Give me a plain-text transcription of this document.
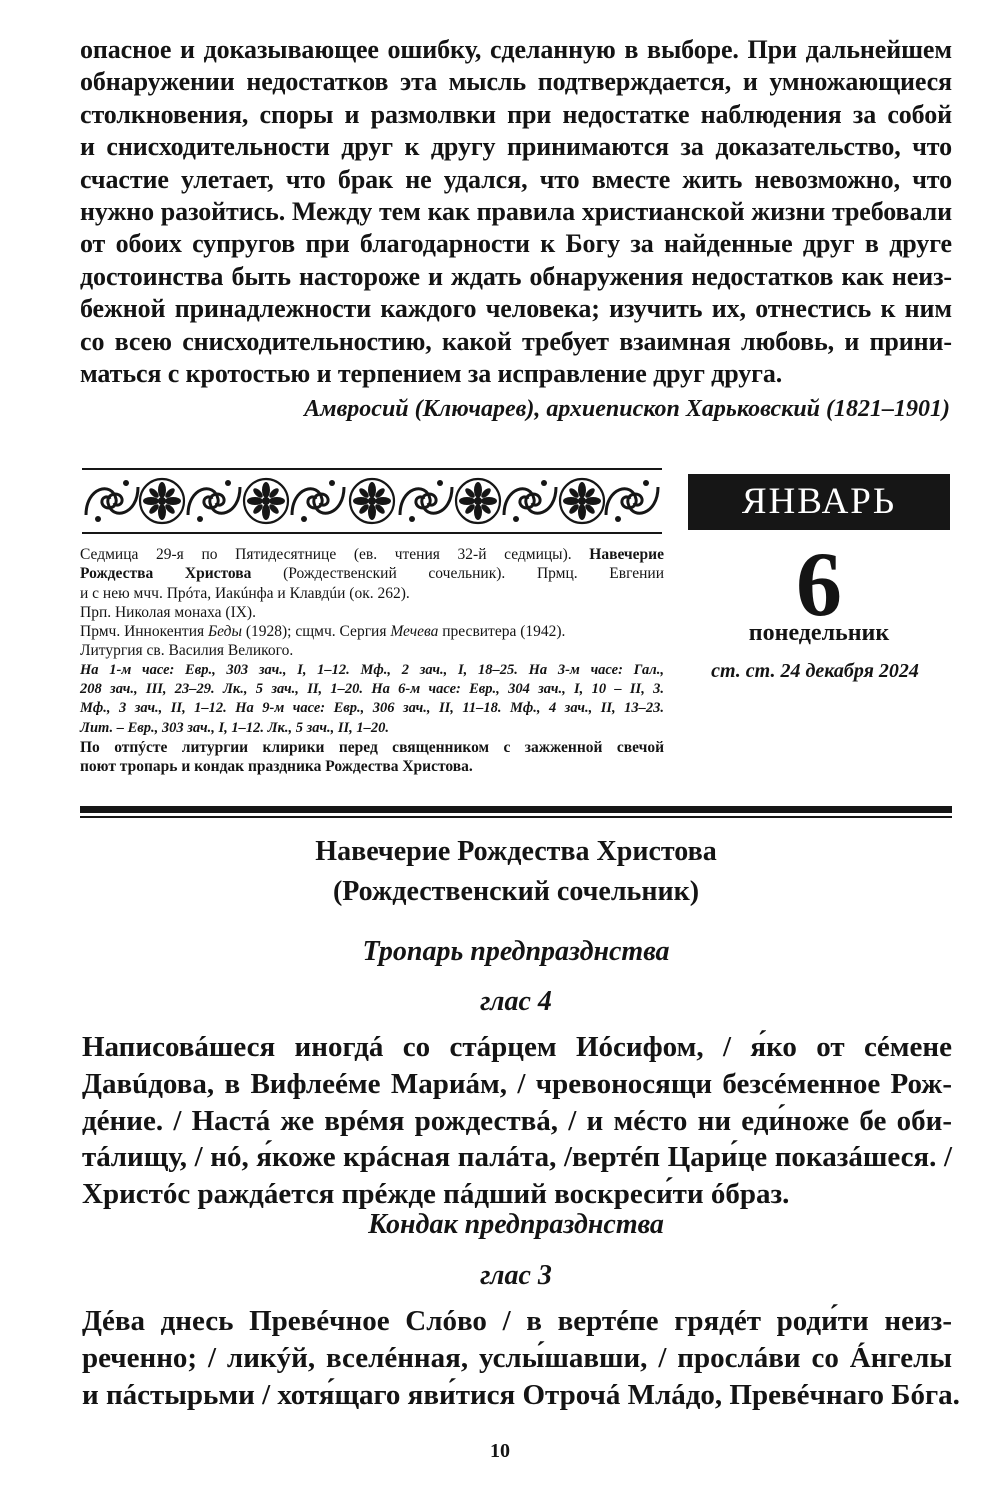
опасное и доказывающее ошибку, сделанную в выборе. При дальнейшем
обнаружении недостатков эта мысль подтверждается, и умножающиеся
столкновения, споры и размолвки при недостатке наблюдения за собой
и снисходительности друг к другу принимаются за доказательство, что
счастие улетает, что брак не удался, что вместе жить невозможно, что
нужно разойтись. Между тем как правила христианской жизни требовали
от обоих супругов при благодарности к Богу за найденные друг в друге
достоинства быть настороже и ждать обнаружения недостатков как неиз-
бежной принадлежности каждого человека; изучить их, отнестись к ним
со всею снисходительностию, какой требует взаимная любовь, и прини-
маться с кротостью и терпением за исправление друг друга.
Амвросий (Ключарев), архиепископ Харьковский (1821–1901)
ЯНВАРЬ
6
понедельник
ст. ст. 24 декабря 2024
Седмица 29-я по Пятидесятнице (ев. чтения 32-й седмицы). Навечерие
Рождества Христова (Рождественский сочельник). Прмц. Евгении
и с нею мчч. Прóта, Иакúнфа и Клавдúи (ок. 262).
Прп. Николая монаха (IX).
Прмч. Иннокентия Беды (1928); сщмч. Сергия Мечева пресвитера (1942).
Литургия св. Василия Великого.
На 1-м часе: Евр., 303 зач., I, 1–12. Мф., 2 зач., I, 18–25. На 3-м часе: Гал.,
208 зач., III, 23–29. Лк., 5 зач., II, 1–20. На 6-м часе: Евр., 304 зач., I, 10 – II, 3.
Мф., 3 зач., II, 1–12. На 9-м часе: Евр., 306 зач., II, 11–18. Мф., 4 зач., II, 13–23.
Лит. – Евр., 303 зач., I, 1–12. Лк., 5 зач., II, 1–20.
По отпýсте литургии клирики перед священником с зажженной свечой
поют тропарь и кондак праздника Рождества Христова.
Навечерие Рождества Христова
(Рождественский сочельник)
Тропарь предпразднства
глас 4
Написовáшеся иногдá со стáрцем Иóсифом, / я́ко от сéмене
Давúдова, в Вифлеéме Мариáм, / чревоносящи безсéменное Рож-
дéние. / Настá же врéмя рождествá, / и мéсто ни еди́ноже бе оби-
тáлищу, / нó, я́коже крáсная палáта, /вертéп Цари́це показáшеся. /
Христóс раждáется прéжде пáдший воскреси́ти óбраз.
Кондак предпразднства
глас 3
Дéва днесь Превéчное Слóво / в вертéпе грядéт роди́ти неиз-
реченно; / ликýй, вселéнная, услы́шавши, / прослáви со Áнгелы
и пáстырьми / хотя́щаго яви́тися Отрочá Млáдо, Превéчнаго Бóга.
10
